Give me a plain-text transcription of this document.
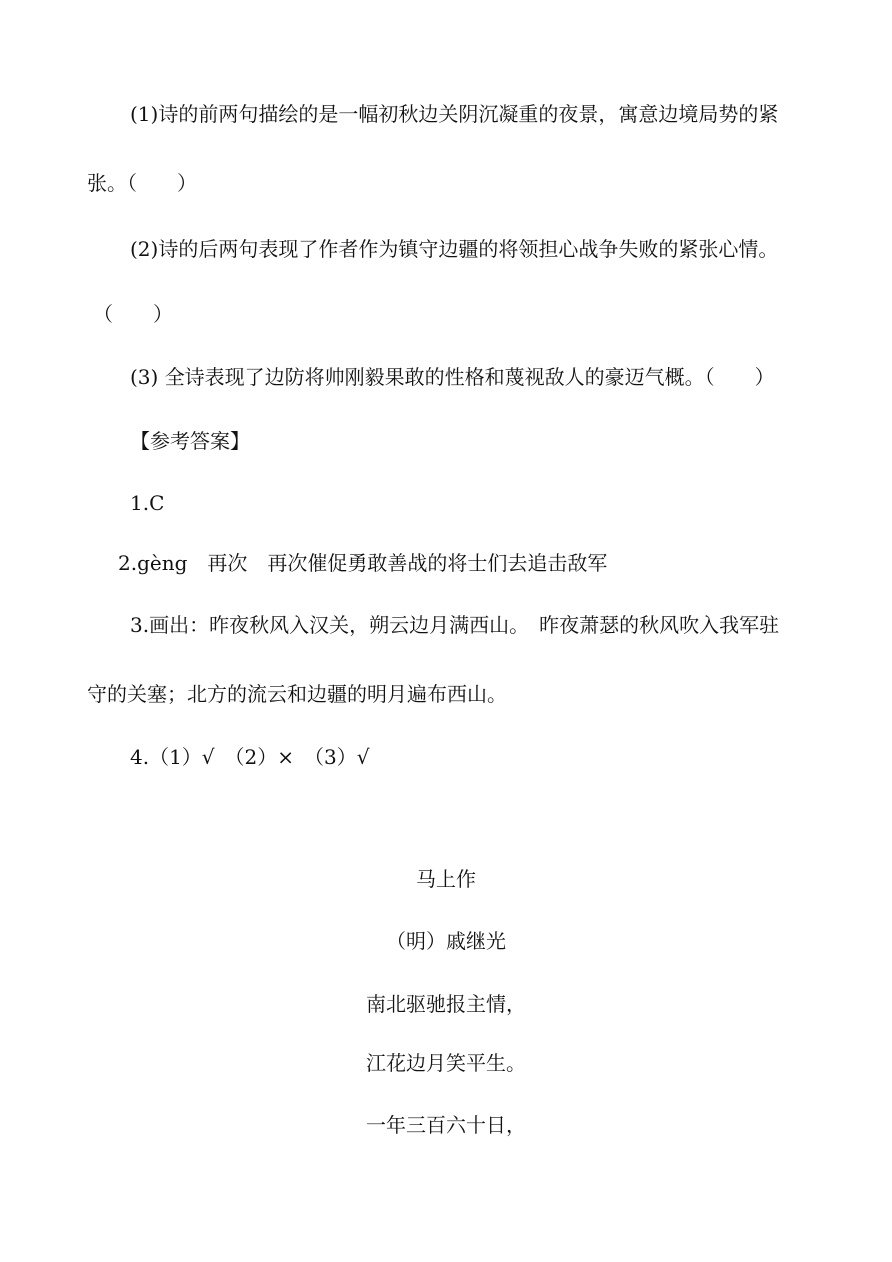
(1)诗的前两句描绘的是一幅初秋边关阴沉凝重的夜景，寓意边境局势的紧
张。（　　）
(2)诗的后两句表现了作者作为镇守边疆的将领担心战争失败的紧张心情。
（　　）
(3) 全诗表现了边防将帅刚毅果敢的性格和蔑视敌人的豪迈气概。（　　）
【参考答案】
1.C
2.gèng　再次　再次催促勇敢善战的将士们去追击敌军
3.画出：昨夜秋风入汉关，朔云边月满西山。　昨夜萧瑟的秋风吹入我军驻
守的关塞；北方的流云和边疆的明月遍布西山。
4.（1）√　（2）×　（3）√
马上作
（明）戚继光
南北驱驰报主情，
江花边月笑平生。
一年三百六十日，
